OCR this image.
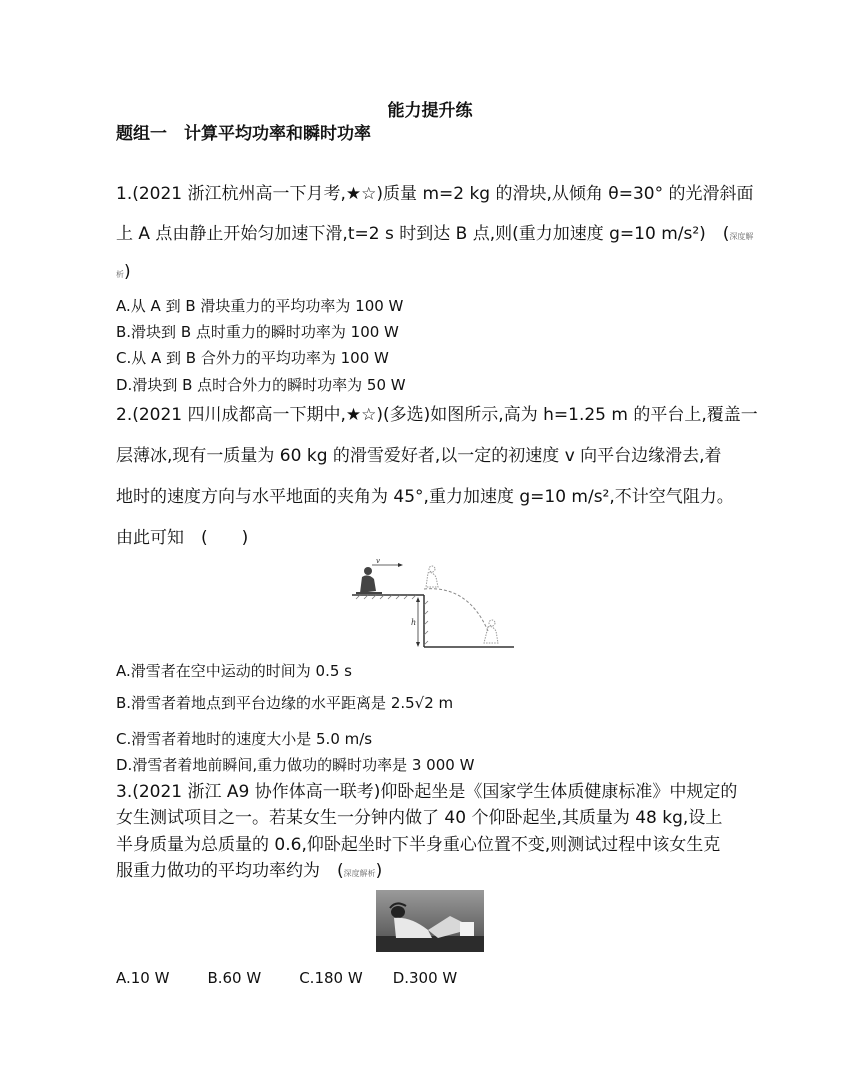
能力提升练
题组一　计算平均功率和瞬时功率
1.(2021 浙江杭州高一下月考,★☆)质量 m=2 kg 的滑块,从倾角 θ=30° 的光滑斜面
上 A 点由静止开始匀加速下滑,t=2 s 时到达 B 点,则(重力加速度 g=10 m/s²)　(深度解
析)
A.从 A 到 B 滑块重力的平均功率为 100 W
B.滑块到 B 点时重力的瞬时功率为 100 W
C.从 A 到 B 合外力的平均功率为 100 W
D.滑块到 B 点时合外力的瞬时功率为 50 W
2.(2021 四川成都高一下期中,★☆)(多选)如图所示,高为 h=1.25 m 的平台上,覆盖一
层薄冰,现有一质量为 60 kg 的滑雪爱好者,以一定的初速度 v 向平台边缘滑去,着
地时的速度方向与水平地面的夹角为 45°,重力加速度 g=10 m/s²,不计空气阻力。
由此可知　(　　)
h
v
A.滑雪者在空中运动的时间为 0.5 s
B.滑雪者着地点到平台边缘的水平距离是 2.5√2 m
C.滑雪者着地时的速度大小是 5.0 m/s
D.滑雪者着地前瞬间,重力做功的瞬时功率是 3 000 W
3.(2021 浙江 A9 协作体高一联考)仰卧起坐是《国家学生体质健康标准》中规定的
女生测试项目之一。若某女生一分钟内做了 40 个仰卧起坐,其质量为 48 kg,设上
半身质量为总质量的 0.6,仰卧起坐时下半身重心位置不变,则测试过程中该女生克
服重力做功的平均功率约为　(深度解析)
A.10 W	B.60 W	C.180 W D.300 W
